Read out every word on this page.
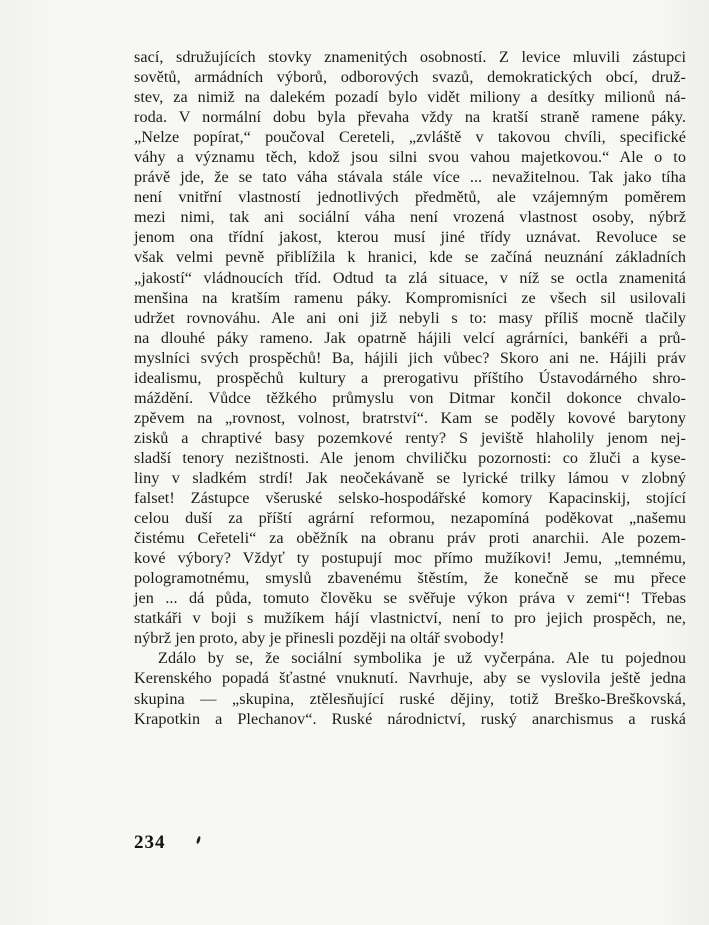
sací, sdružujících stovky znamenitých osobností. Z levice mluvili zástupci
sovětů, armádních výborů, odborových svazů, demokratických obcí, druž-
stev, za nimiž na dalekém pozadí bylo vidět miliony a desítky milionů ná-
roda. V normální dobu byla převaha vždy na kratší straně ramene páky.
„Nelze popírat,“ poučoval Cereteli, „zvláště v takovou chvíli, specifické
váhy a významu těch, kdož jsou silni svou vahou majetkovou.“ Ale o to
právě jde, že se tato váha stávala stále více ... nevažitelnou. Tak jako tíha
není vnitřní vlastností jednotlivých předmětů, ale vzájemným poměrem
mezi nimi, tak ani sociální váha není vrozená vlastnost osoby, nýbrž
jenom ona třídní jakost, kterou musí jiné třídy uznávat. Revoluce se
však velmi pevně přiblížila k hranici, kde se začíná neuznání základních
„jakostí“ vládnoucích tříd. Odtud ta zlá situace, v níž se octla znamenitá
menšina na kratším ramenu páky. Kompromisníci ze všech sil usilovali
udržet rovnováhu. Ale ani oni již nebyli s to: masy příliš mocně tlačily
na dlouhé páky rameno. Jak opatrně hájili velcí agrárníci, bankéři a prů-
myslníci svých prospěchů! Ba, hájili jich vůbec? Skoro ani ne. Hájili práv
idealismu, prospěchů kultury a prerogativu příštího Ústavodárného shro-
máždění. Vůdce těžkého průmyslu von Ditmar končil dokonce chvalo-
zpěvem na „rovnost, volnost, bratrství“. Kam se poděly kovové barytony
zisků a chraptivé basy pozemkové renty? S jeviště hlaholily jenom nej-
sladší tenory nezištnosti. Ale jenom chviličku pozornosti: co žluči a kyse-
liny v sladkém strdí! Jak neočekávaně se lyrické trilky lámou v zlobný
falset! Zástupce všeruské selsko-hospodářské komory Kapacinskij, stojící
celou duší za příští agrární reformou, nezapomíná poděkovat „našemu
čistému Ceřeteli“ za oběžník na obranu práv proti anarchii. Ale pozem-
kové výbory? Vždyť ty postupují moc přímo mužíkovi! Jemu, „temnému,
pologramotnému, smyslů zbavenému štěstím, že konečně se mu přece
jen ... dá půda, tomuto člověku se svěřuje výkon práva v zemi“! Třebas
statkáři v boji s mužíkem hájí vlastnictví, není to pro jejich prospěch, ne,
nýbrž jen proto, aby je přinesli později na oltář svobody!
Zdálo by se, že sociální symbolika je už vyčerpána. Ale tu pojednou
Kerenského popadá šťastné vnuknutí. Navrhuje, aby se vyslovila ještě jedna
skupina — „skupina, ztělesňující ruské dějiny, totiž Breško-Breškovská,
Krapotkin a Plechanov“. Ruské národnictví, ruský anarchismus a ruská
234
